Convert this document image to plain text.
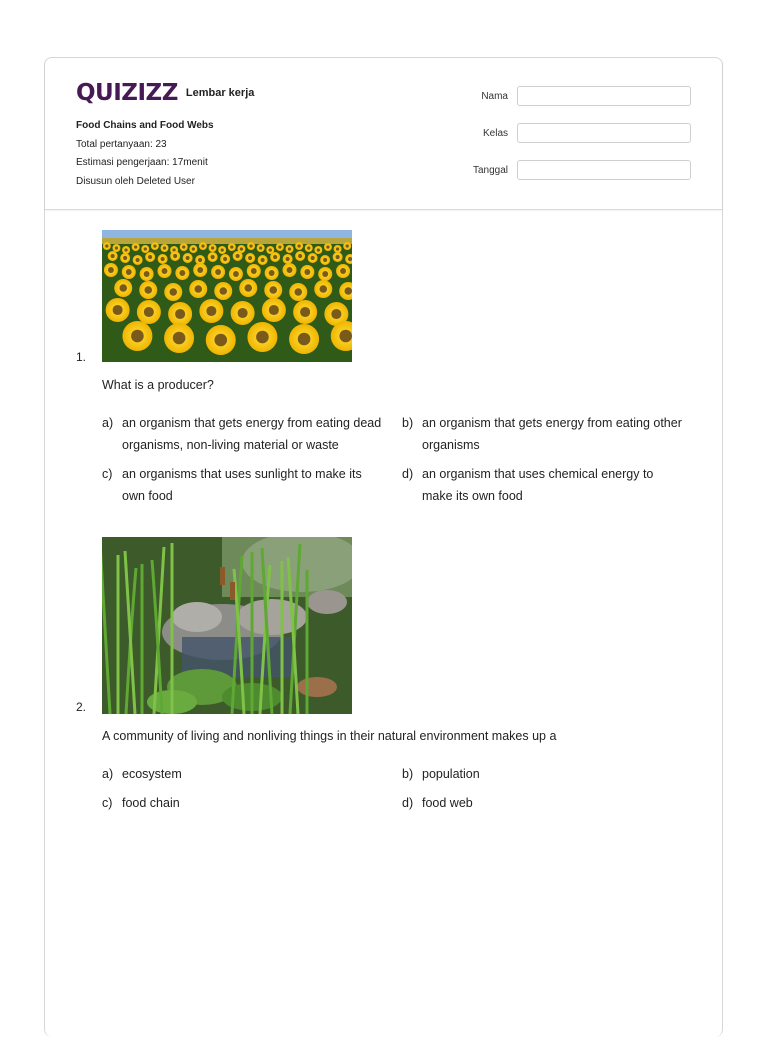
QUIZIZZ Lembar kerja
Food Chains and Food Webs
Total pertanyaan: 23
Estimasi pengerjaan: 17menit
Disusun oleh Deleted User
Nama
Kelas
Tanggal
1.
What is a producer?
a) an organism that gets energy from eating dead organisms, non-living material or waste
b) an organism that gets energy from eating other organisms
c) an organisms that uses sunlight to make its own food
d) an organism that uses chemical energy to make its own food
2.
A community of living and nonliving things in their natural environment makes up a
a) ecosystem	b) population
c) food chain	d) food web
